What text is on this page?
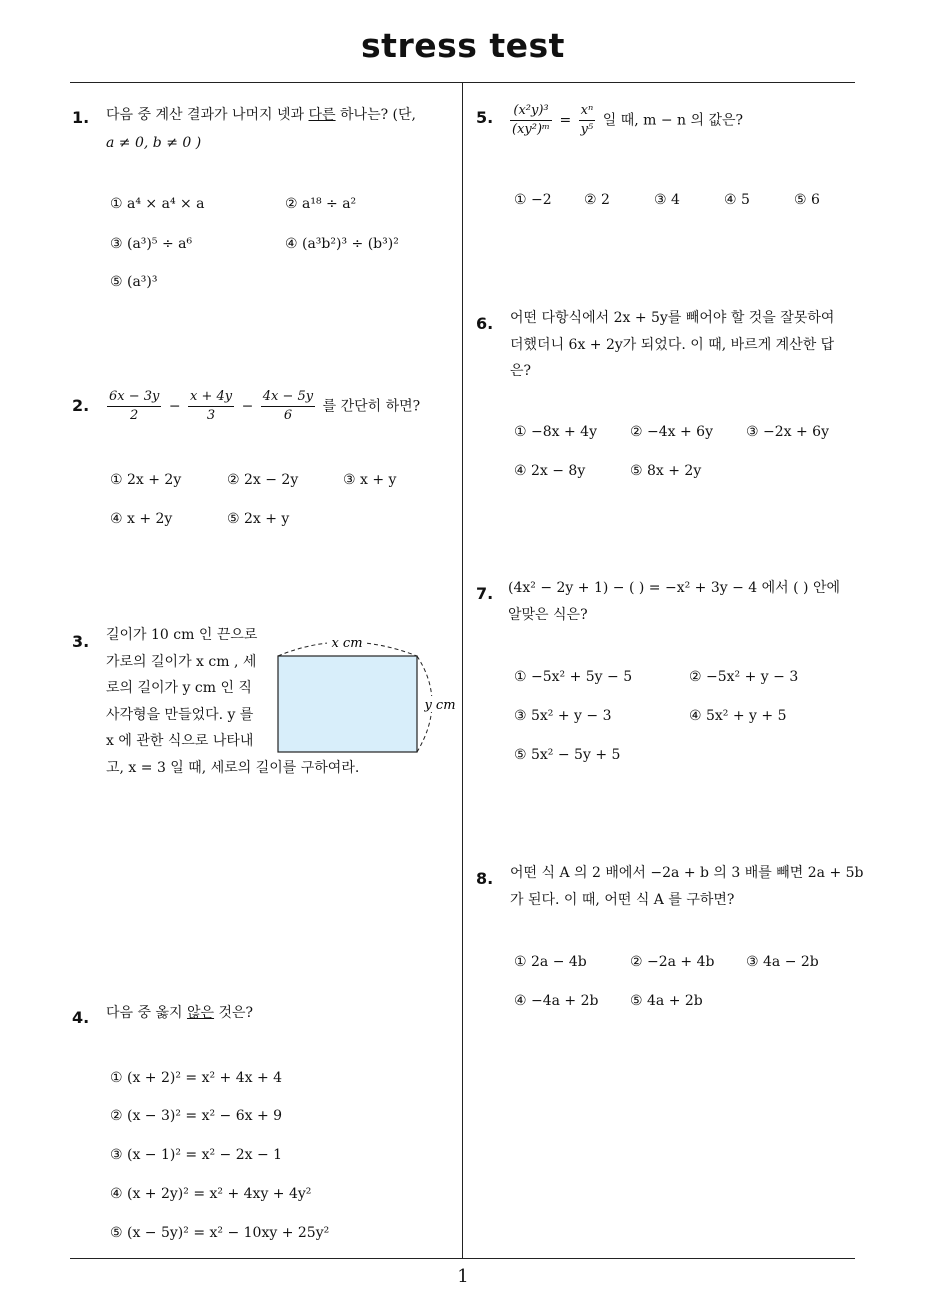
stress test
1
1. 다음 중 계산 결과가 나머지 넷과 다른 하나는? (단,
a ≠ 0, b ≠ 0 )
① a⁴ × a⁴ × a	② a¹⁸ ÷ a²
③ (a³)⁵ ÷ a⁶	④ (a³b²)³ ÷ (b³)²
⑤ (a³)³
2. $\frac{6x - 3y}{2} - \frac{x + 4y}{3} - \frac{4x - 5y}{6}$ 를 간단히 하면?
① 2x + 2y	② 2x − 2y	③ x + y
④ x + 2y	⑤ 2x + y
3. 길이가 10 cm 인 끈으로
가로의 길이가 x cm , 세
로의 길이가 y cm 인 직
사각형을 만들었다. y 를
x 에 관한 식으로 나타내
고, x = 3 일 때, 세로의 길이를 구하여라.
x cm
y cm
4. 다음 중 옳지 않은 것은?
① (x + 2)² = x² + 4x + 4
② (x − 3)² = x² − 6x + 9
③ (x − 1)² = x² − 2x − 1
④ (x + 2y)² = x² + 4xy + 4y²
⑤ (x − 5y)² = x² − 10xy + 25y²
5. $\frac{\text{(x²y)³}}{\text{(xy²)ᵐ}} = \frac{\text{xⁿ}}{\text{y⁵}}$ 일 때, m − n 의 값은?
① −2 ② 2	③ 4	④ 5	⑤ 6
6. 어떤 다항식에서 2x + 5y를 빼어야 할 것을 잘못하여
더했더니 6x + 2y가 되었다. 이 때, 바르게 계산한 답
은?
① −8x + 4y ② −4x + 6y ③ −2x + 6y
④ 2x − 8y	⑤ 8x + 2y
7. (4x² − 2y + 1) − ( ) = −x² + 3y − 4 에서 ( ) 안에
알맞은 식은?
① −5x² + 5y − 5	② −5x² + y − 3
③ 5x² + y − 3	④ 5x² + y + 5
⑤ 5x² − 5y + 5
8. 어떤 식 A 의 2 배에서 −2a + b 의 3 배를 빼면 2a + 5b
가 된다. 이 때, 어떤 식 A 를 구하면?
① 2a − 4b	② −2a + 4b ③ 4a − 2b
④ −4a + 2b ⑤ 4a + 2b
